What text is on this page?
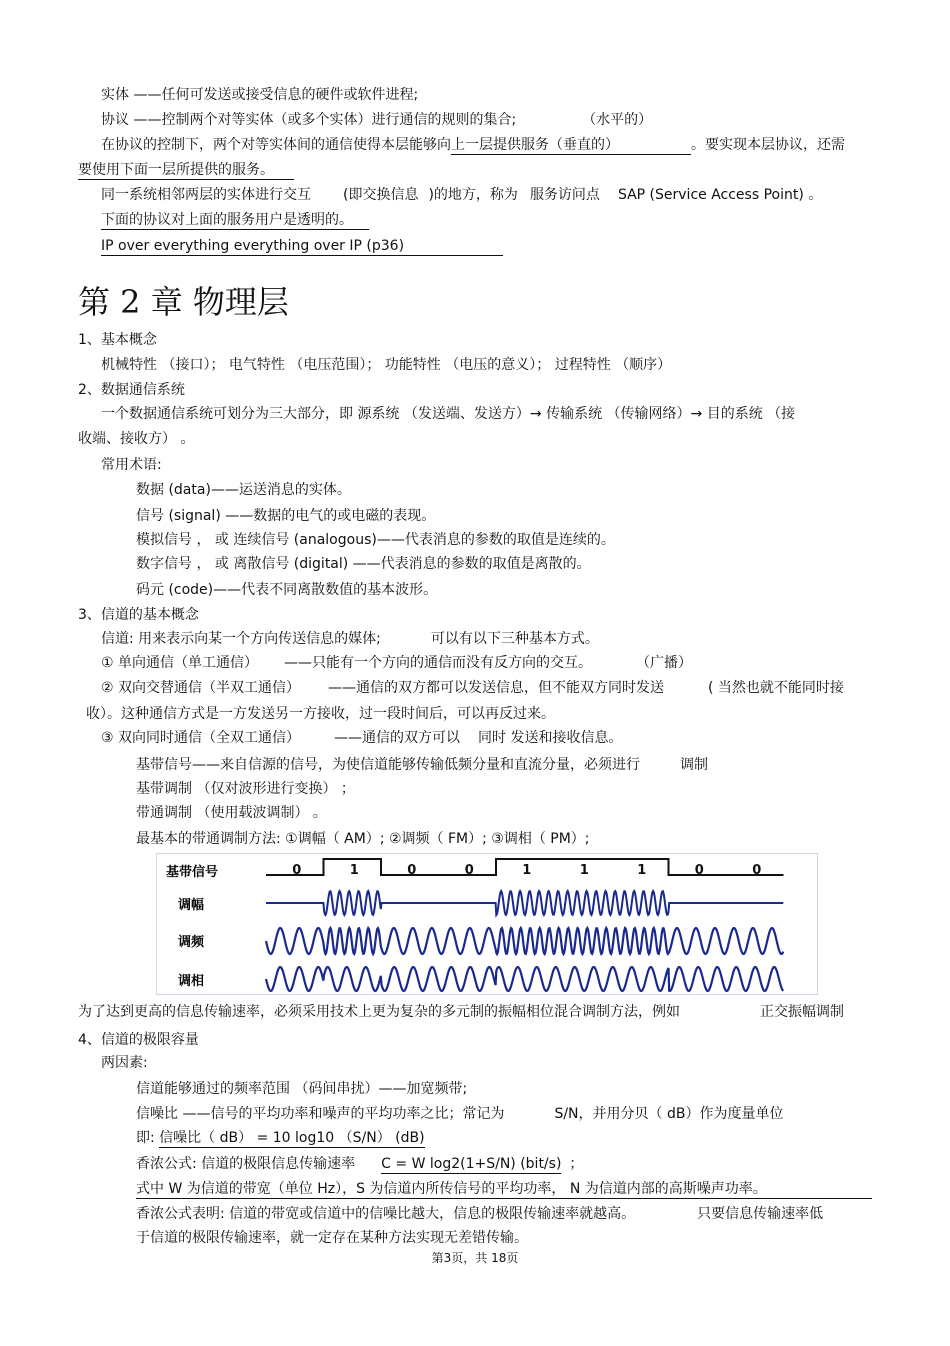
实体 ——任何可发送或接受信息的硬件或软件进程;
协议 ——控制两个对等实体（或多个实体）进行通信的规则的集合;	（水平的）
在协议的控制下，两个对等实体间的通信使得本层能够向上一层提供服务（垂直的）	。要实现本层协议，还需
要使用下面一层所提供的服务。
同一系统相邻两层的实体进行交互 (即交换信息 )的地方，称为 服务访问点 SAP (Service Access Point) 。
下面的协议对上面的服务用户是透明的。
IP over everything everything over IP (p36)
第 2 章 物理层
1、基本概念
机械特性 （接口）； 电气特性 （电压范围）； 功能特性 （电压的意义）； 过程特性 （顺序）
2、数据通信系统
一个数据通信系统可划分为三大部分，即 源系统 （发送端、发送方）→ 传输系统 （传输网络）→ 目的系统 （接
收端、接收方） 。
常用术语:
数据 (data)——运送消息的实体。
信号 (signal) ——数据的电气的或电磁的表现。
模拟信号 ， 或 连续信号 (analogous)——代表消息的参数的取值是连续的。
数字信号 ， 或 离散信号 (digital) ——代表消息的参数的取值是离散的。
码元 (code)——代表不同离散数值的基本波形。
3、信道的基本概念
信道: 用来表示向某一个方向传送信息的媒体;	可以有以下三种基本方式。
① 单向通信（单工通信） ——只能有一个方向的通信而没有反方向的交互。	（广播）
② 双向交替通信（半双工通信） ——通信的双方都可以发送信息，但不能双方同时发送	( 当然也就不能同时接
收）。这种通信方式是一方发送另一方接收，过一段时间后，可以再反过来。
③ 双向同时通信（全双工通信） ——通信的双方可以 同时 发送和接收信息。
基带信号——来自信源的信号，为使信道能够传输低频分量和直流分量，必须进行	调制
基带调制 （仅对波形进行变换） ；
带通调制 （使用载波调制） 。
最基本的带通调制方法: ①调幅（ AM）; ②调频（ FM）; ③调相（ PM）;
基带信号
调幅
调频
调相
0	1	0	0	1	1	1	0	0
为了达到更高的信息传输速率，必须采用技术上更为复杂的多元制的振幅相位混合调制方法，例如	正交振幅调制
4、信道的极限容量
两因素:
信道能够通过的频率范围 （码间串扰）——加宽频带;
信噪比 ——信号的平均功率和噪声的平均功率之比；常记为	S/N，并用分贝（ dB）作为度量单位
即: 信噪比（ dB） = 10 log10 （S/N） (dB)
香浓公式: 信道的极限信息传输速率 C = W log2(1+S/N) (bit/s) ；
式中 W 为信道的带宽（单位 Hz），S 为信道内所传信号的平均功率， N 为信道内部的高斯噪声功率。
香浓公式表明: 信道的带宽或信道中的信噪比越大，信息的极限传输速率就越高。	只要信息传输速率低
于信道的极限传输速率，就一定存在某种方法实现无差错传输。
第3页，共 18页
